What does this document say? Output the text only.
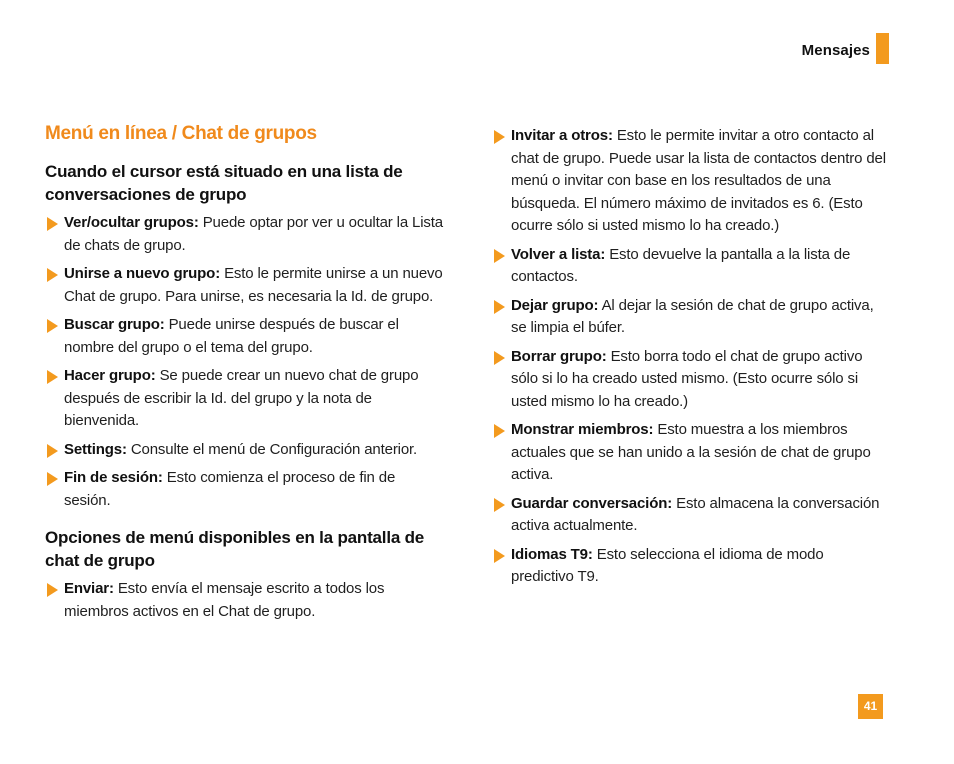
Mensajes
Menú en línea / Chat de grupos
Cuando el cursor está situado en una lista de conversaciones de grupo
Ver/ocultar grupos: Puede optar por ver u ocultar la Lista de chats de grupo.
Unirse a nuevo grupo: Esto le permite unirse a un nuevo Chat de grupo. Para unirse, es necesaria la Id. de grupo.
Buscar grupo: Puede unirse después de buscar el nombre del grupo o el tema del grupo.
Hacer grupo: Se puede crear un nuevo chat de grupo después de escribir la Id. del grupo y la nota de bienvenida.
Settings: Consulte el menú de Configuración anterior.
Fin de sesión: Esto comienza el proceso de fin de sesión.
Opciones de menú disponibles en la pantalla de chat de grupo
Enviar: Esto envía el mensaje escrito a todos los miembros activos en el Chat de grupo.
Invitar a otros: Esto le permite invitar a otro contacto al chat de grupo. Puede usar la lista de contactos dentro del menú o invitar con base en los resultados de una búsqueda. El número máximo de invitados es 6. (Esto ocurre sólo si usted mismo lo ha creado.)
Volver a lista: Esto devuelve la pantalla a la lista de contactos.
Dejar grupo: Al dejar la sesión de chat de grupo activa, se limpia el búfer.
Borrar grupo: Esto borra todo el chat de grupo activo sólo si lo ha creado usted mismo. (Esto ocurre sólo si usted mismo lo ha creado.)
Monstrar miembros: Esto muestra a los miembros actuales que se han unido a la sesión de chat de grupo activa.
Guardar conversación: Esto almacena la conversación activa actualmente.
Idiomas T9: Esto selecciona el idioma de modo predictivo T9.
41
